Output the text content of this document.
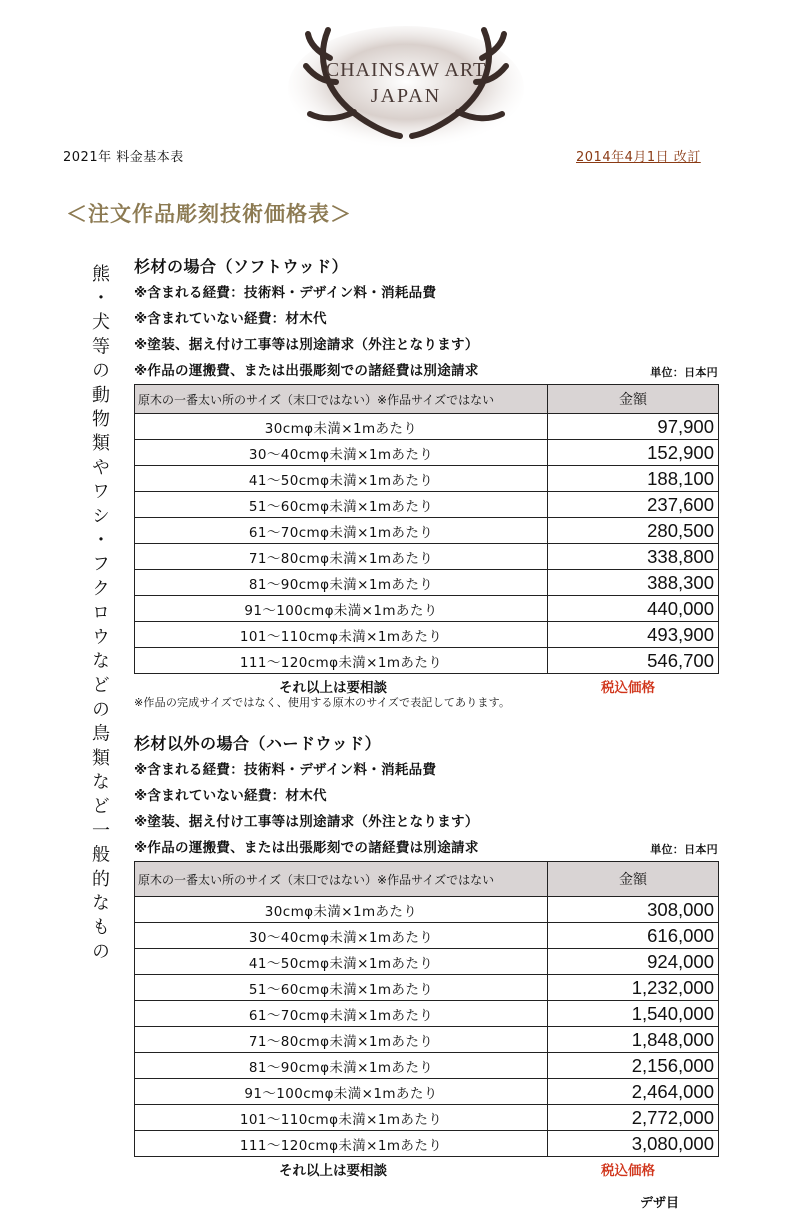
CHAINSAW ART
JAPAN
2021年 料金基本表	2014年4月1日 改訂
＜注文作品彫刻技術価格表＞
熊・犬等の動物類やワシ・フクロウなどの鳥類など一般的なもの 杉材の場合（ソフトウッド）
※含まれる経費：技術料・デザイン料・消耗品費
※含まれていない経費：材木代
※塗装、据え付け工事等は別途請求（外注となります）
※作品の運搬費、または出張彫刻での諸経費は別途請求	単位：日本円
原木の一番太い所のサイズ（末口ではない）※作品サイズではない	金額
30cmφ未満×1mあたり	97,900
30～40cmφ未満×1mあたり	152,900
41～50cmφ未満×1mあたり	188,100
51～60cmφ未満×1mあたり	237,600
61～70cmφ未満×1mあたり	280,500
71～80cmφ未満×1mあたり	338,800
81～90cmφ未満×1mあたり	388,300
91～100cmφ未満×1mあたり	440,000
101～110cmφ未満×1mあたり	493,900
111～120cmφ未満×1mあたり	546,700
それ以上は要相談	税込価格
※作品の完成サイズではなく、使用する原木のサイズで表記してあります。
杉材以外の場合（ハードウッド）
※含まれる経費：技術料・デザイン料・消耗品費
※含まれていない経費：材木代
※塗装、据え付け工事等は別途請求（外注となります）
※作品の運搬費、または出張彫刻での諸経費は別途請求	単位：日本円
原木の一番太い所のサイズ（末口ではない）※作品サイズではない	金額
30cmφ未満×1mあたり	308,000
30～40cmφ未満×1mあたり	616,000
41～50cmφ未満×1mあたり	924,000
51～60cmφ未満×1mあたり	1,232,000
61～70cmφ未満×1mあたり	1,540,000
71～80cmφ未満×1mあたり	1,848,000
81～90cmφ未満×1mあたり	2,156,000
91～100cmφ未満×1mあたり	2,464,000
101～110cmφ未満×1mあたり	2,772,000
111～120cmφ未満×1mあたり	3,080,000
それ以上は要相談	税込価格
デザ目
